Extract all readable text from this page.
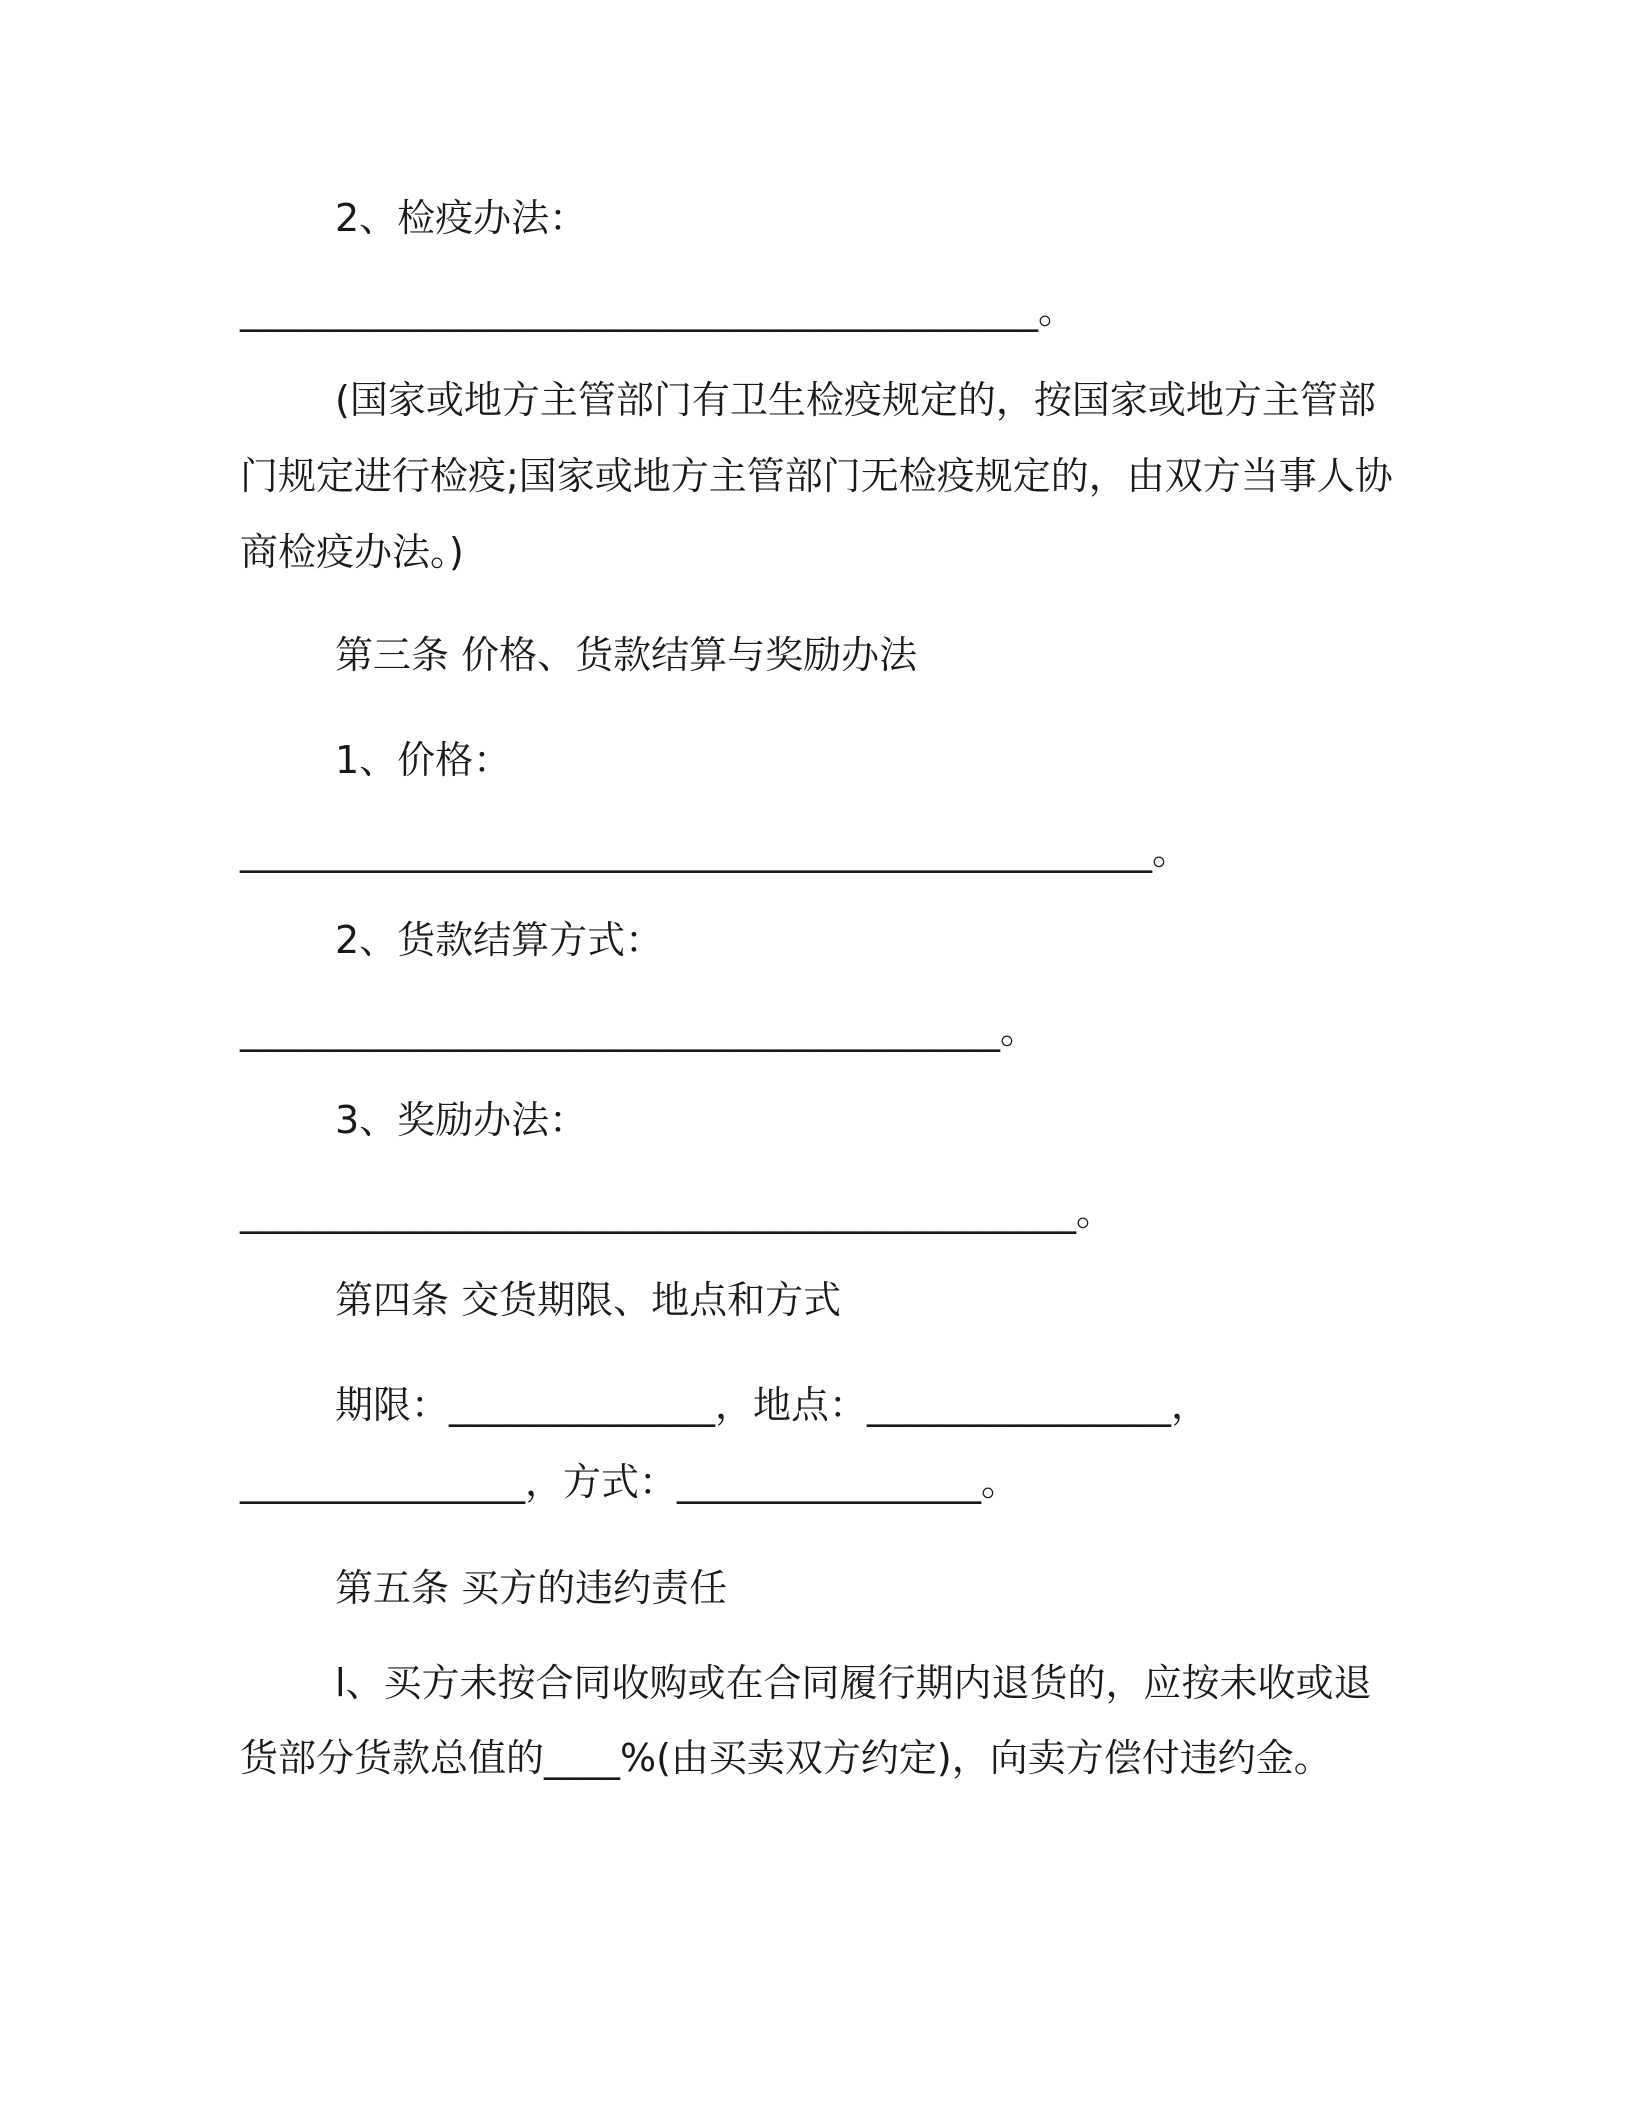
2、检疫办法：
__________________________________________。
(国家或地方主管部门有卫生检疫规定的，按国家或地方主管部
门规定进行检疫;国家或地方主管部门无检疫规定的，由双方当事人协
商检疫办法。)
第三条 价格、货款结算与奖励办法
1、价格：
________________________________________________。
2、货款结算方式：
________________________________________。
3、奖励办法：
____________________________________________。
第四条 交货期限、地点和方式
期限：______________，地点：________________，
_______________，方式：________________。
第五条 买方的违约责任
l、买方未按合同收购或在合同履行期内退货的，应按未收或退
货部分货款总值的____%(由买卖双方约定)，向卖方偿付违约金。
